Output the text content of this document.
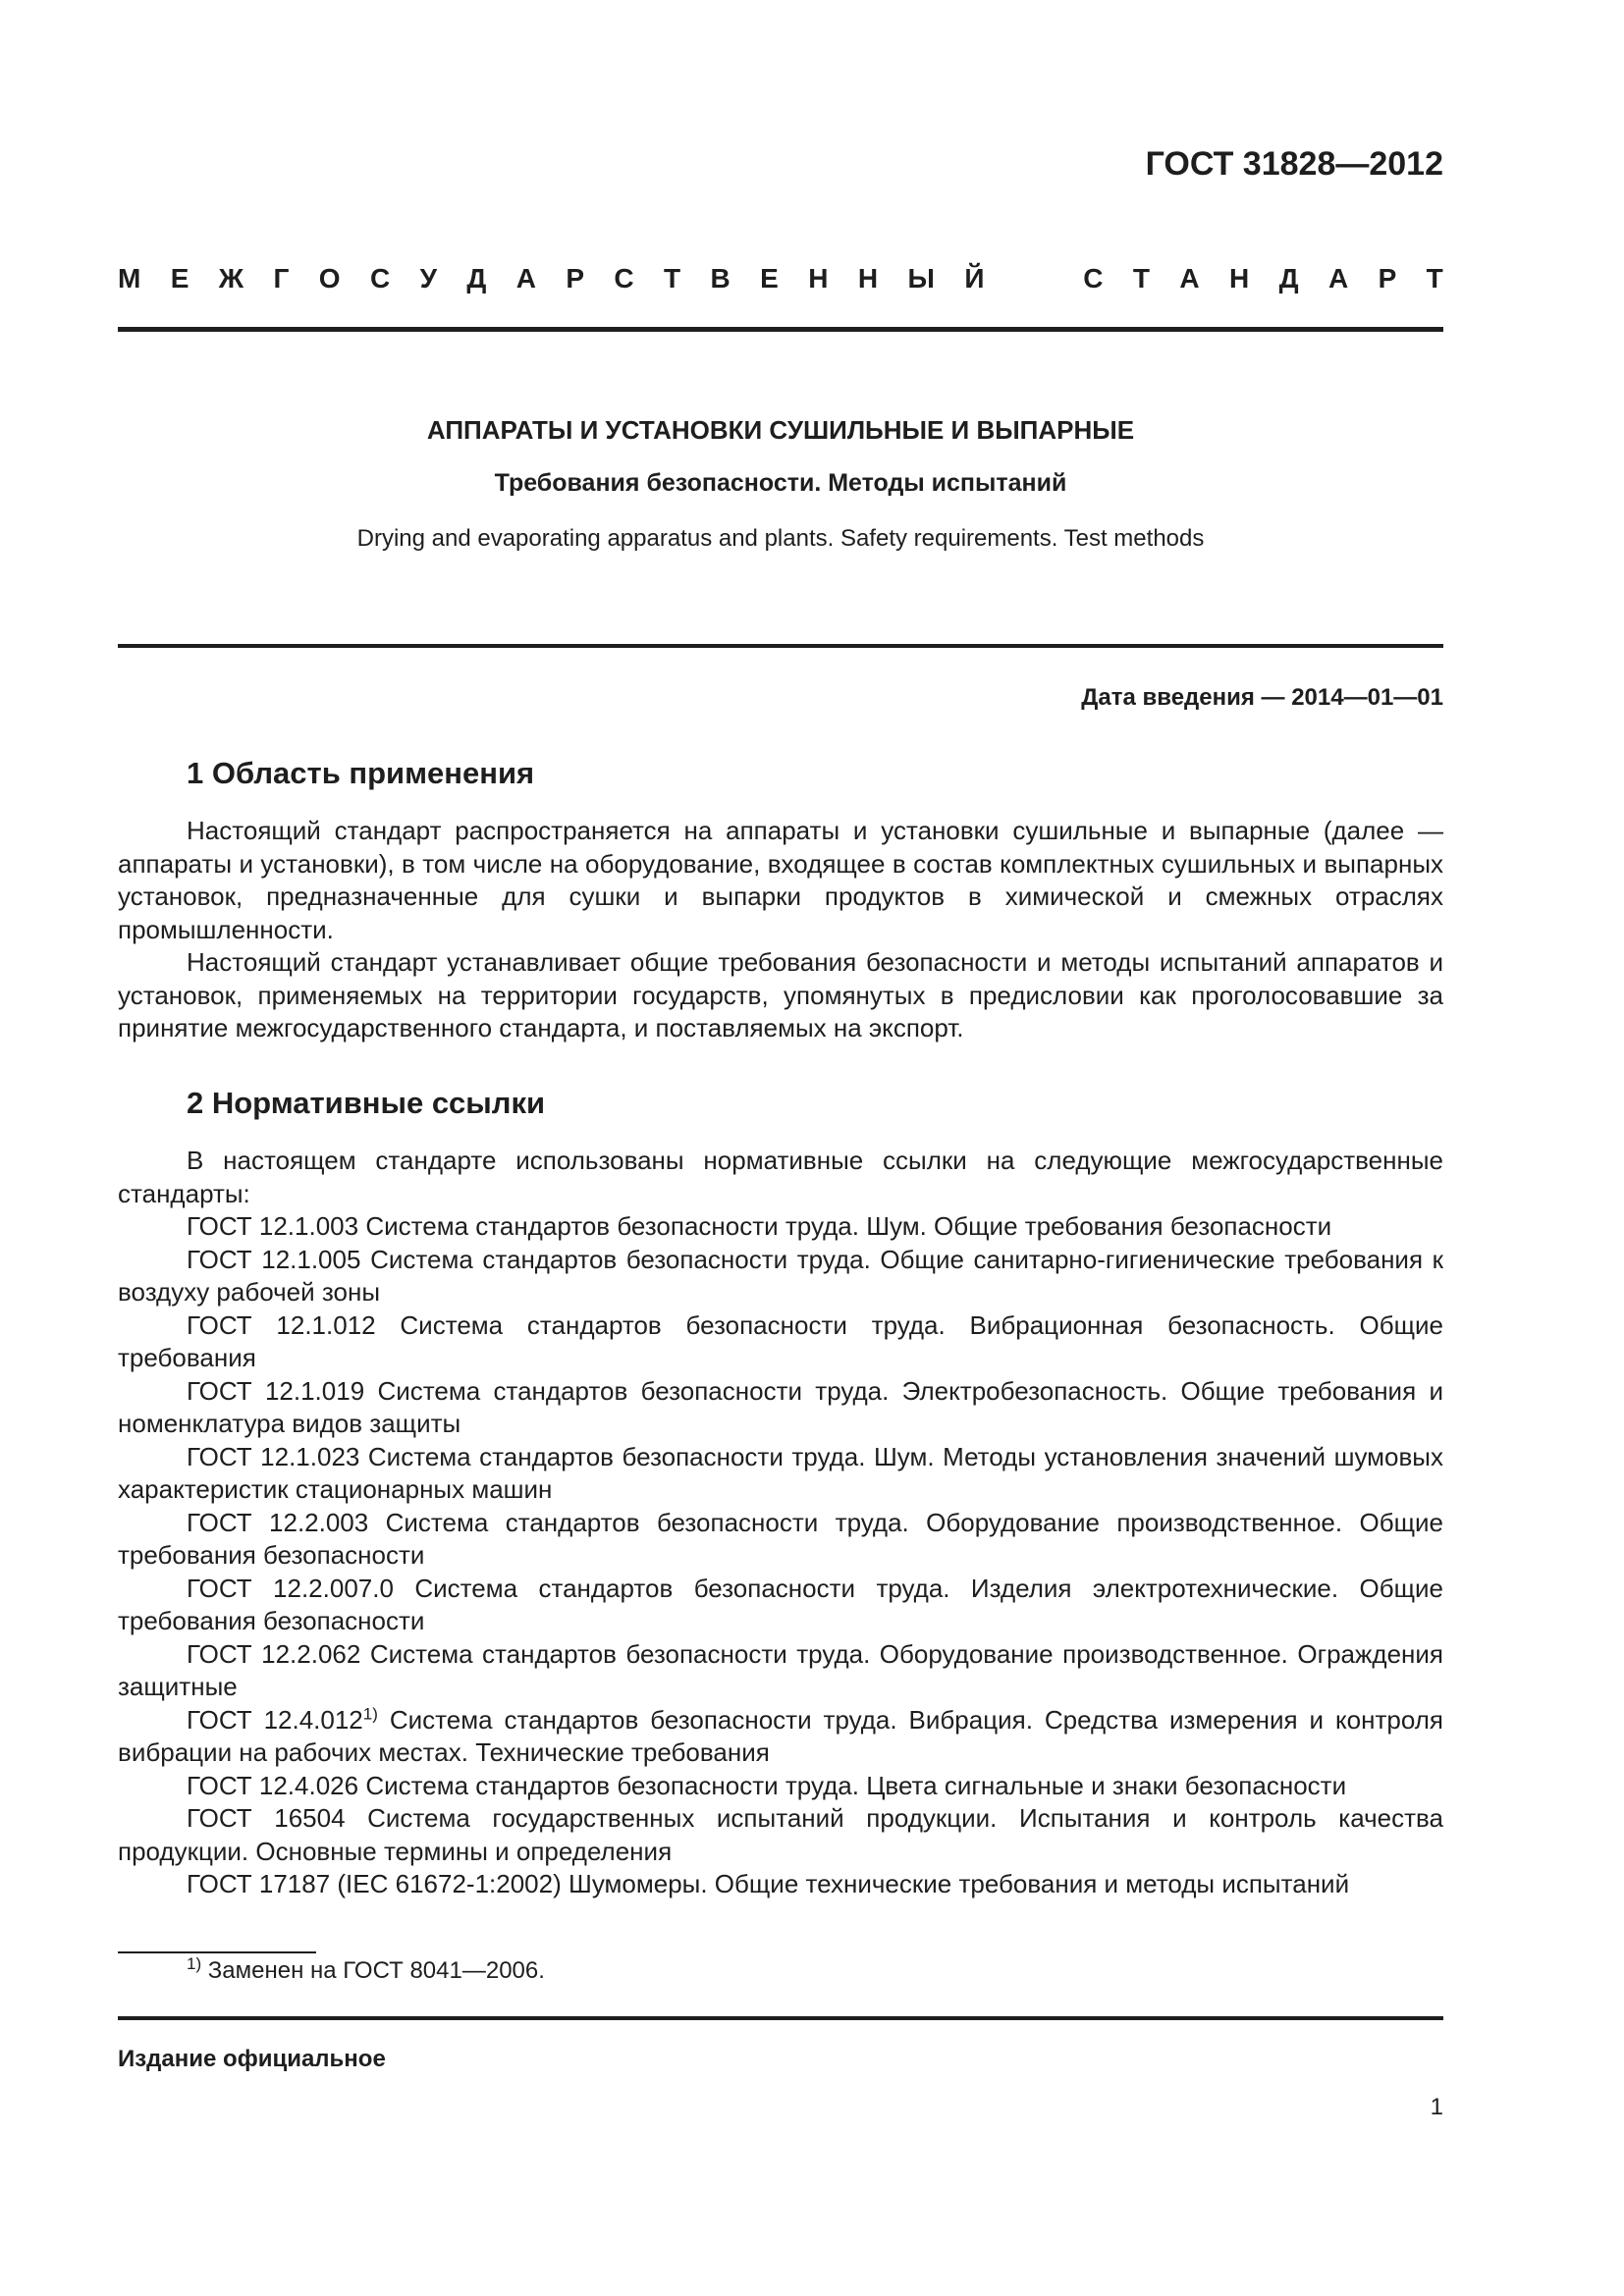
ГОСТ 31828—2012
М Е Ж Г О С У Д А Р С Т В Е Н Н Ы Й	С Т А Н Д А Р Т
АППАРАТЫ И УСТАНОВКИ СУШИЛЬНЫЕ И ВЫПАРНЫЕ
Требования безопасности. Методы испытаний
Drying and evaporating apparatus and plants. Safety requirements. Test methods
Дата введения — 2014—01—01
1 Область применения

Настоящий стандарт распространяется на аппараты и установки сушильные и выпарные (далее — аппараты и установки), в том числе на оборудование, входящее в состав комплектных сушильных и выпарных установок, предназначенные для сушки и выпарки продуктов в химической и смежных отраслях промышленности.

Настоящий стандарт устанавливает общие требования безопасности и методы испытаний аппаратов и установок, применяемых на территории государств, упомянутых в предисловии как проголосовавшие за принятие межгосударственного стандарта, и поставляемых на экспорт.

2 Нормативные ссылки

В настоящем стандарте использованы нормативные ссылки на следующие межгосударственные стандарты:

ГОСТ 12.1.003 Система стандартов безопасности труда. Шум. Общие требования безопасности

ГОСТ 12.1.005 Система стандартов безопасности труда. Общие санитарно-гигиенические требования к воздуху рабочей зоны

ГОСТ 12.1.012 Система стандартов безопасности труда. Вибрационная безопасность. Общие требования

ГОСТ 12.1.019 Система стандартов безопасности труда. Электробезопасность. Общие требования и номенклатура видов защиты

ГОСТ 12.1.023 Система стандартов безопасности труда. Шум. Методы установления значений шумовых характеристик стационарных машин

ГОСТ 12.2.003 Система стандартов безопасности труда. Оборудование производственное. Общие требования безопасности

ГОСТ 12.2.007.0 Система стандартов безопасности труда. Изделия электротехнические. Общие требования безопасности

ГОСТ 12.2.062 Система стандартов безопасности труда. Оборудование производственное. Ограждения защитные

ГОСТ 12.4.012$^{1)}$ Система стандартов безопасности труда. Вибрация. Средства измерения и контроля вибрации на рабочих местах. Технические требования

ГОСТ 12.4.026 Система стандартов безопасности труда. Цвета сигнальные и знаки безопасности

ГОСТ 16504 Система государственных испытаний продукции. Испытания и контроль качества продукции. Основные термины и определения

ГОСТ 17187 (IEC 61672-1:2002) Шумомеры. Общие технические требования и методы испытаний

$^{1)}$ Заменен на ГОСТ 8041—2006.
Издание официальное
1
